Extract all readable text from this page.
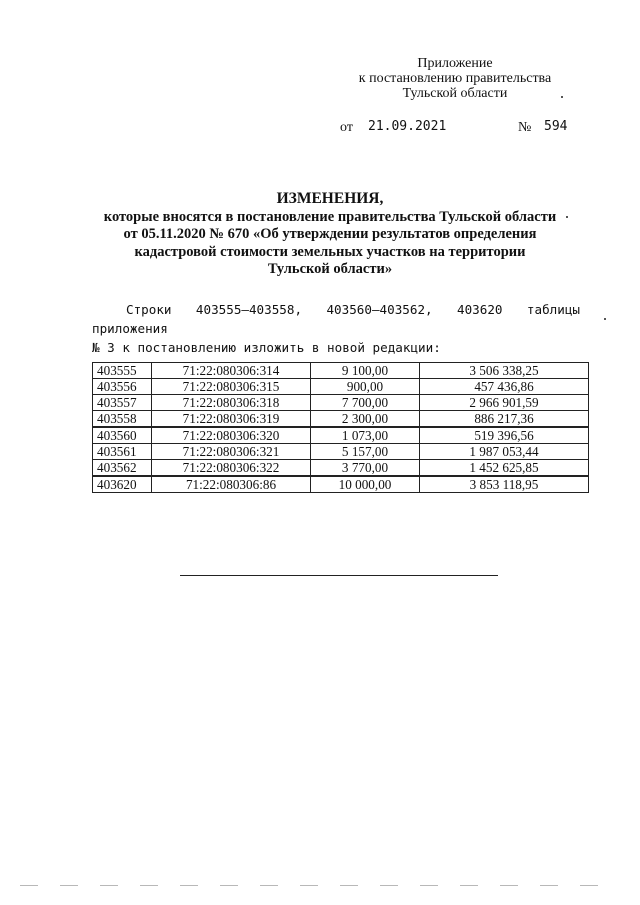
Приложение
к постановлению правительства
Тульской области
от 21.09.2021	№ 594
ИЗМЕНЕНИЯ,
которые вносятся в постановление правительства Тульской области
от 05.11.2020 № 670 «Об утверждении результатов определения
кадастровой стоимости земельных участков на территории
Тульской области»
Строки 403555–403558, 403560–403562, 403620 таблицы приложения
№ 3 к постановлению изложить в новой редакции:
403555	71:22:080306:314	9 100,00	3 506 338,25
403556	71:22:080306:315	900,00	457 436,86
403557	71:22:080306:318	7 700,00	2 966 901,59
403558	71:22:080306:319	2 300,00	886 217,36
403560	71:22:080306:320	1 073,00	519 396,56
403561	71:22:080306:321	5 157,00	1 987 053,44
403562	71:22:080306:322	3 770,00	1 452 625,85
403620	71:22:080306:86	10 000,00	3 853 118,95
